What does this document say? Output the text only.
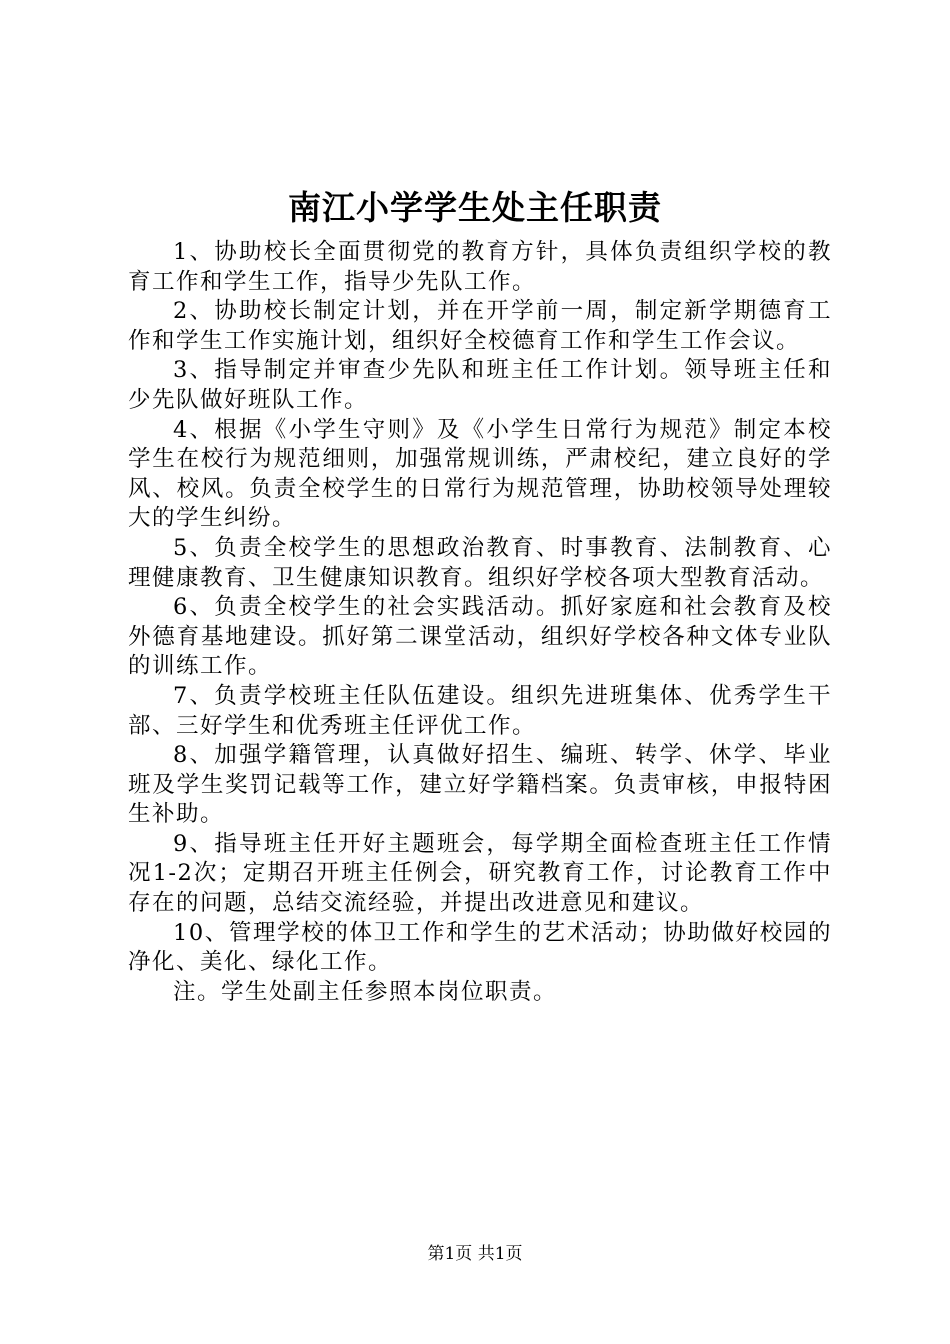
南江小学学生处主任职责

1、协助校长全面贯彻党的教育方针，具体负责组织学校的教育工作和学生工作，指导少先队工作。

2、协助校长制定计划，并在开学前一周，制定新学期德育工作和学生工作实施计划，组织好全校德育工作和学生工作会议。

3、指导制定并审查少先队和班主任工作计划。领导班主任和少先队做好班队工作。

4、根据《小学生守则》及《小学生日常行为规范》制定本校学生在校行为规范细则，加强常规训练，严肃校纪，建立良好的学风、校风。负责全校学生的日常行为规范管理，协助校领导处理较大的学生纠纷。

5、负责全校学生的思想政治教育、时事教育、法制教育、心理健康教育、卫生健康知识教育。组织好学校各项大型教育活动。

6、负责全校学生的社会实践活动。抓好家庭和社会教育及校外德育基地建设。抓好第二课堂活动，组织好学校各种文体专业队的训练工作。

7、负责学校班主任队伍建设。组织先进班集体、优秀学生干部、三好学生和优秀班主任评优工作。

8、加强学籍管理，认真做好招生、编班、转学、休学、毕业班及学生奖罚记载等工作，建立好学籍档案。负责审核，申报特困生补助。

9、指导班主任开好主题班会，每学期全面检查班主任工作情况1-2次；定期召开班主任例会，研究教育工作，讨论教育工作中存在的问题，总结交流经验，并提出改进意见和建议。

10、管理学校的体卫工作和学生的艺术活动；协助做好校园的净化、美化、绿化工作。

注。学生处副主任参照本岗位职责。

第1页 共1页
